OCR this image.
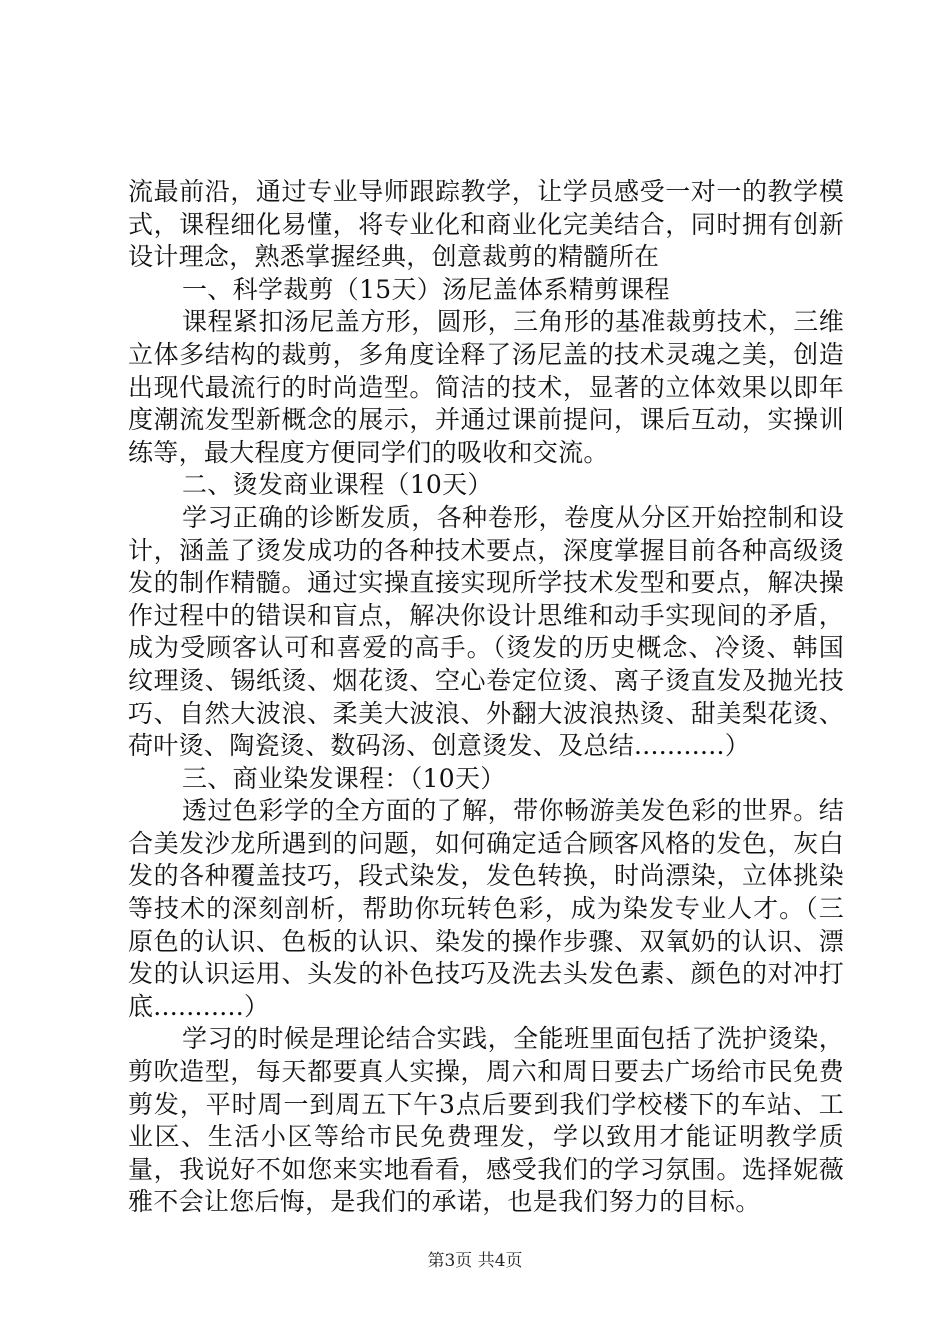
流最前沿，通过专业导师跟踪教学，让学员感受一对一的教学模式，课程细化易懂，将专业化和商业化完美结合，同时拥有创新设计理念，熟悉掌握经典，创意裁剪的精髓所在

一、科学裁剪（15天）汤尼盖体系精剪课程

课程紧扣汤尼盖方形，圆形，三角形的基准裁剪技术，三维立体多结构的裁剪，多角度诠释了汤尼盖的技术灵魂之美，创造出现代最流行的时尚造型。简洁的技术，显著的立体效果以即年度潮流发型新概念的展示，并通过课前提问，课后互动，实操训练等，最大程度方便同学们的吸收和交流。

二、烫发商业课程（10天）

学习正确的诊断发质，各种卷形，卷度从分区开始控制和设计，涵盖了烫发成功的各种技术要点，深度掌握目前各种高级烫发的制作精髓。通过实操直接实现所学技术发型和要点，解决操作过程中的错误和盲点，解决你设计思维和动手实现间的矛盾，成为受顾客认可和喜爱的高手。（烫发的历史概念、冷烫、韩国纹理烫、锡纸烫、烟花烫、空心卷定位烫、离子烫直发及抛光技巧、自然大波浪、柔美大波浪、外翻大波浪热烫、甜美梨花烫、荷叶烫、陶瓷烫、数码汤、创意烫发、及总结...........）

三、商业染发课程：（10天）

透过色彩学的全方面的了解，带你畅游美发色彩的世界。结合美发沙龙所遇到的问题，如何确定适合顾客风格的发色，灰白发的各种覆盖技巧，段式染发，发色转换，时尚漂染，立体挑染等技术的深刻剖析，帮助你玩转色彩，成为染发专业人才。（三原色的认识、色板的认识、染发的操作步骤、双氧奶的认识、漂发的认识运用、头发的补色技巧及洗去头发色素、颜色的对冲打底...........）

学习的时候是理论结合实践，全能班里面包括了洗护烫染，剪吹造型，每天都要真人实操，周六和周日要去广场给市民免费剪发，平时周一到周五下午3点后要到我们学校楼下的车站、工业区、生活小区等给市民免费理发，学以致用才能证明教学质量，我说好不如您来实地看看，感受我们的学习氛围。选择妮薇雅不会让您后悔，是我们的承诺，也是我们努力的目标。

第3页 共4页
